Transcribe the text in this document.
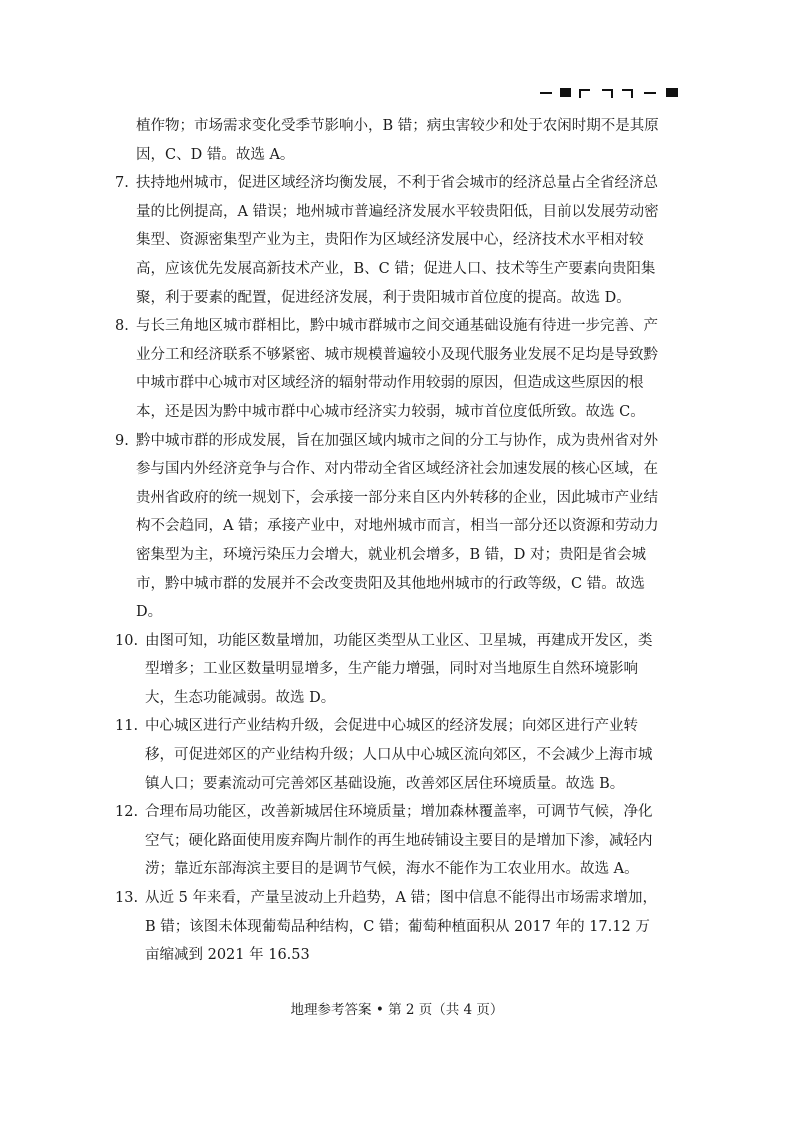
植作物；市场需求变化受季节影响小，B 错；病虫害较少和处于农闲时期不是其原因，C、D 错。故选 A。

7. 扶持地州城市，促进区域经济均衡发展，不利于省会城市的经济总量占全省经济总量的比例提高，A 错误；地州城市普遍经济发展水平较贵阳低，目前以发展劳动密集型、资源密集型产业为主，贵阳作为区域经济发展中心，经济技术水平相对较高，应该优先发展高新技术产业，B、C 错；促进人口、技术等生产要素向贵阳集聚，利于要素的配置，促进经济发展，利于贵阳城市首位度的提高。故选 D。

8. 与长三角地区城市群相比，黔中城市群城市之间交通基础设施有待进一步完善、产业分工和经济联系不够紧密、城市规模普遍较小及现代服务业发展不足均是导致黔中城市群中心城市对区域经济的辐射带动作用较弱的原因，但造成这些原因的根本，还是因为黔中城市群中心城市经济实力较弱，城市首位度低所致。故选 C。

9. 黔中城市群的形成发展，旨在加强区域内城市之间的分工与协作，成为贵州省对外参与国内外经济竞争与合作、对内带动全省区域经济社会加速发展的核心区域，在贵州省政府的统一规划下，会承接一部分来自区内外转移的企业，因此城市产业结构不会趋同，A 错；承接产业中，对地州城市而言，相当一部分还以资源和劳动力密集型为主，环境污染压力会增大，就业机会增多，B 错，D 对；贵阳是省会城市，黔中城市群的发展并不会改变贵阳及其他地州城市的行政等级，C 错。故选 D。

10. 由图可知，功能区数量增加，功能区类型从工业区、卫星城，再建成开发区，类型增多；工业区数量明显增多，生产能力增强，同时对当地原生自然环境影响大，生态功能减弱。故选 D。

11. 中心城区进行产业结构升级，会促进中心城区的经济发展；向郊区进行产业转移，可促进郊区的产业结构升级；人口从中心城区流向郊区，不会减少上海市城镇人口；要素流动可完善郊区基础设施，改善郊区居住环境质量。故选 B。

12. 合理布局功能区，改善新城居住环境质量；增加森林覆盖率，可调节气候，净化空气；硬化路面使用废弃陶片制作的再生地砖铺设主要目的是增加下渗，减轻内涝；靠近东部海滨主要目的是调节气候，海水不能作为工农业用水。故选 A。

13. 从近 5 年来看，产量呈波动上升趋势，A 错；图中信息不能得出市场需求增加，B 错；该图未体现葡萄品种结构，C 错；葡萄种植面积从 2017 年的 17.12 万亩缩减到 2021 年 16.53

地理参考答案 • 第 2 页（共 4 页）
